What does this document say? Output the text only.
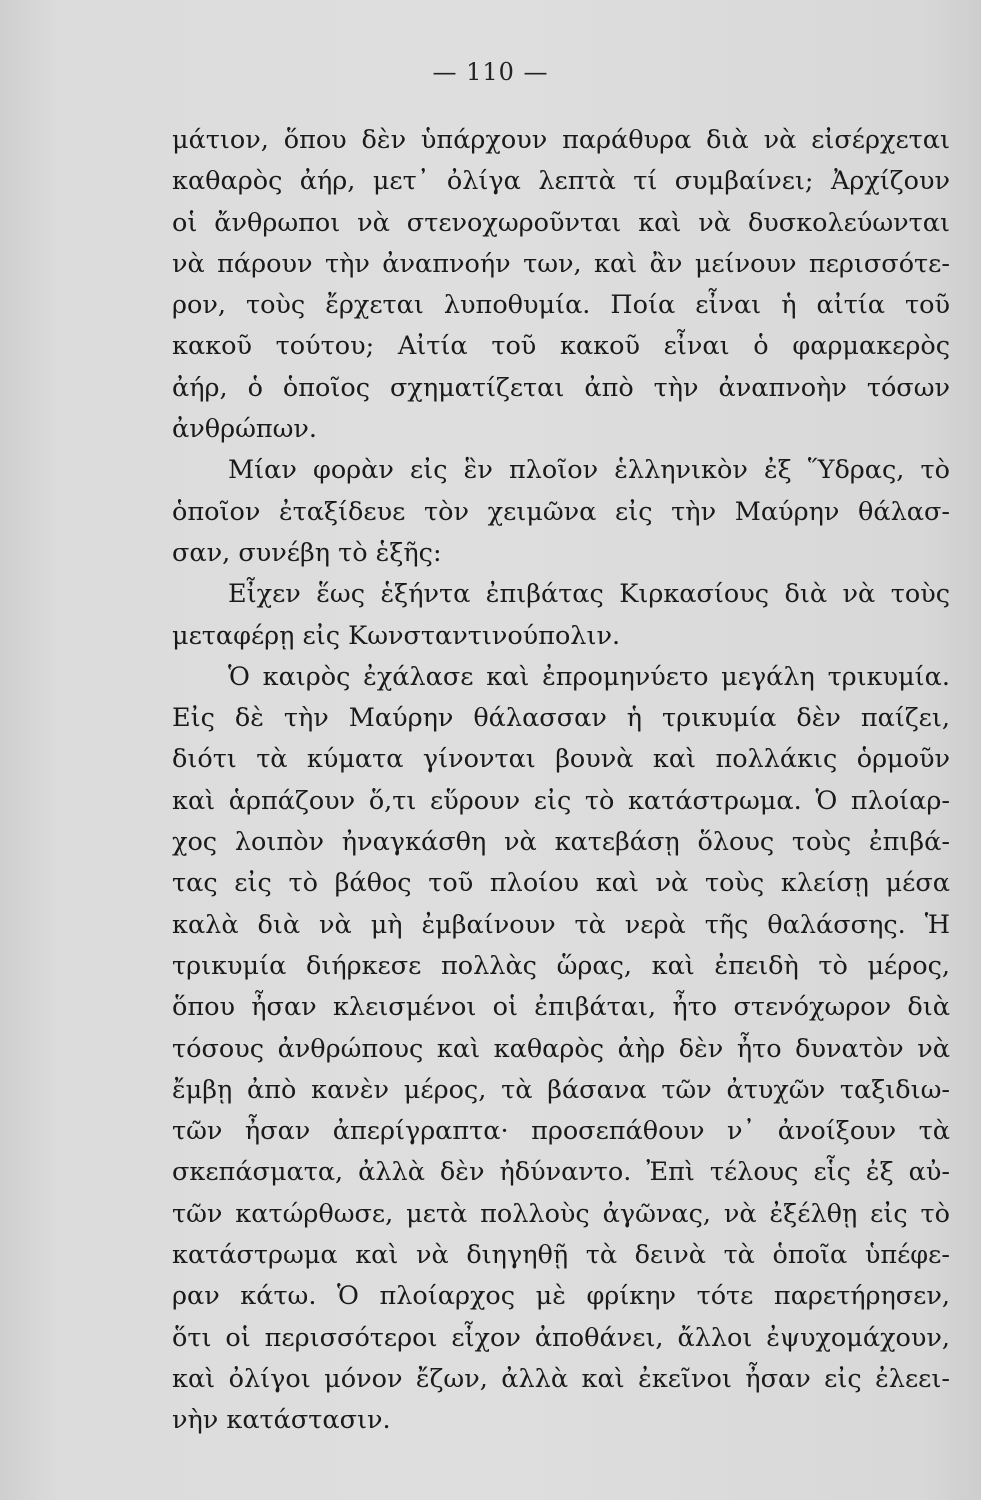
— 110 —
μάτιον, ὅπου δὲν ὑπάρχουν παράθυρα διὰ νὰ εἰσέρχεται
καθαρὸς ἀήρ, μετ᾽ ὀλίγα λεπτὰ τί συμβαίνει; Ἀρχίζουν
οἱ ἄνθρωποι νὰ στενοχωροῦνται καὶ νὰ δυσκολεύωνται
νὰ πάρουν τὴν ἀναπνοήν των, καὶ ἂν μείνουν περισσότε-
ρον, τοὺς ἔρχεται λυποθυμία. Ποία εἶναι ἡ αἰτία τοῦ
κακοῦ τούτου; Αἰτία τοῦ κακοῦ εἶναι ὁ φαρμακερὸς
ἀήρ, ὁ ὁποῖος σχηματίζεται ἀπὸ τὴν ἀναπνοὴν τόσων
ἀνθρώπων.
Μίαν φορὰν εἰς ἓν πλοῖον ἑλληνικὸν ἐξ Ὕδρας, τὸ
ὁποῖον ἐταξίδευε τὸν χειμῶνα εἰς τὴν Μαύρην θάλασ-
σαν, συνέβη τὸ ἑξῆς:
Εἶχεν ἕως ἑξήντα ἐπιβάτας Κιρκασίους διὰ νὰ τοὺς
μεταφέρῃ εἰς Κωνσταντινούπολιν.
Ὁ καιρὸς ἐχάλασε καὶ ἐπρομηνύετο μεγάλη τρικυμία.
Εἰς δὲ τὴν Μαύρην θάλασσαν ἡ τρικυμία δὲν παίζει,
διότι τὰ κύματα γίνονται βουνὰ καὶ πολλάκις ὁρμοῦν
καὶ ἁρπάζουν ὅ,τι εὕρουν εἰς τὸ κατάστρωμα. Ὁ πλοίαρ-
χος λοιπὸν ἠναγκάσθη νὰ κατεβάσῃ ὅλους τοὺς ἐπιβά-
τας εἰς τὸ βάθος τοῦ πλοίου καὶ νὰ τοὺς κλείσῃ μέσα
καλὰ διὰ νὰ μὴ ἐμβαίνουν τὰ νερὰ τῆς θαλάσσης. Ἡ
τρικυμία διήρκεσε πολλὰς ὥρας, καὶ ἐπειδὴ τὸ μέρος,
ὅπου ἦσαν κλεισμένοι οἱ ἐπιβάται, ἦτο στενόχωρον διὰ
τόσους ἀνθρώπους καὶ καθαρὸς ἀὴρ δὲν ἦτο δυνατὸν νὰ
ἔμβῃ ἀπὸ κανὲν μέρος, τὰ βάσανα τῶν ἀτυχῶν ταξιδιω-
τῶν ἦσαν ἀπερίγραπτα· προσεπάθουν ν᾽ ἀνοίξουν τὰ
σκεπάσματα, ἀλλὰ δὲν ἠδύναντο. Ἐπὶ τέλους εἷς ἐξ αὐ-
τῶν κατώρθωσε, μετὰ πολλοὺς ἀγῶνας, νὰ ἐξέλθῃ εἰς τὸ
κατάστρωμα καὶ νὰ διηγηθῇ τὰ δεινὰ τὰ ὁποῖα ὑπέφε-
ραν κάτω. Ὁ πλοίαρχος μὲ φρίκην τότε παρετήρησεν,
ὅτι οἱ περισσότεροι εἶχον ἀποθάνει, ἄλλοι ἐψυχομάχουν,
καὶ ὀλίγοι μόνον ἔζων, ἀλλὰ καὶ ἐκεῖνοι ἦσαν εἰς ἐλεει-
νὴν κατάστασιν.
